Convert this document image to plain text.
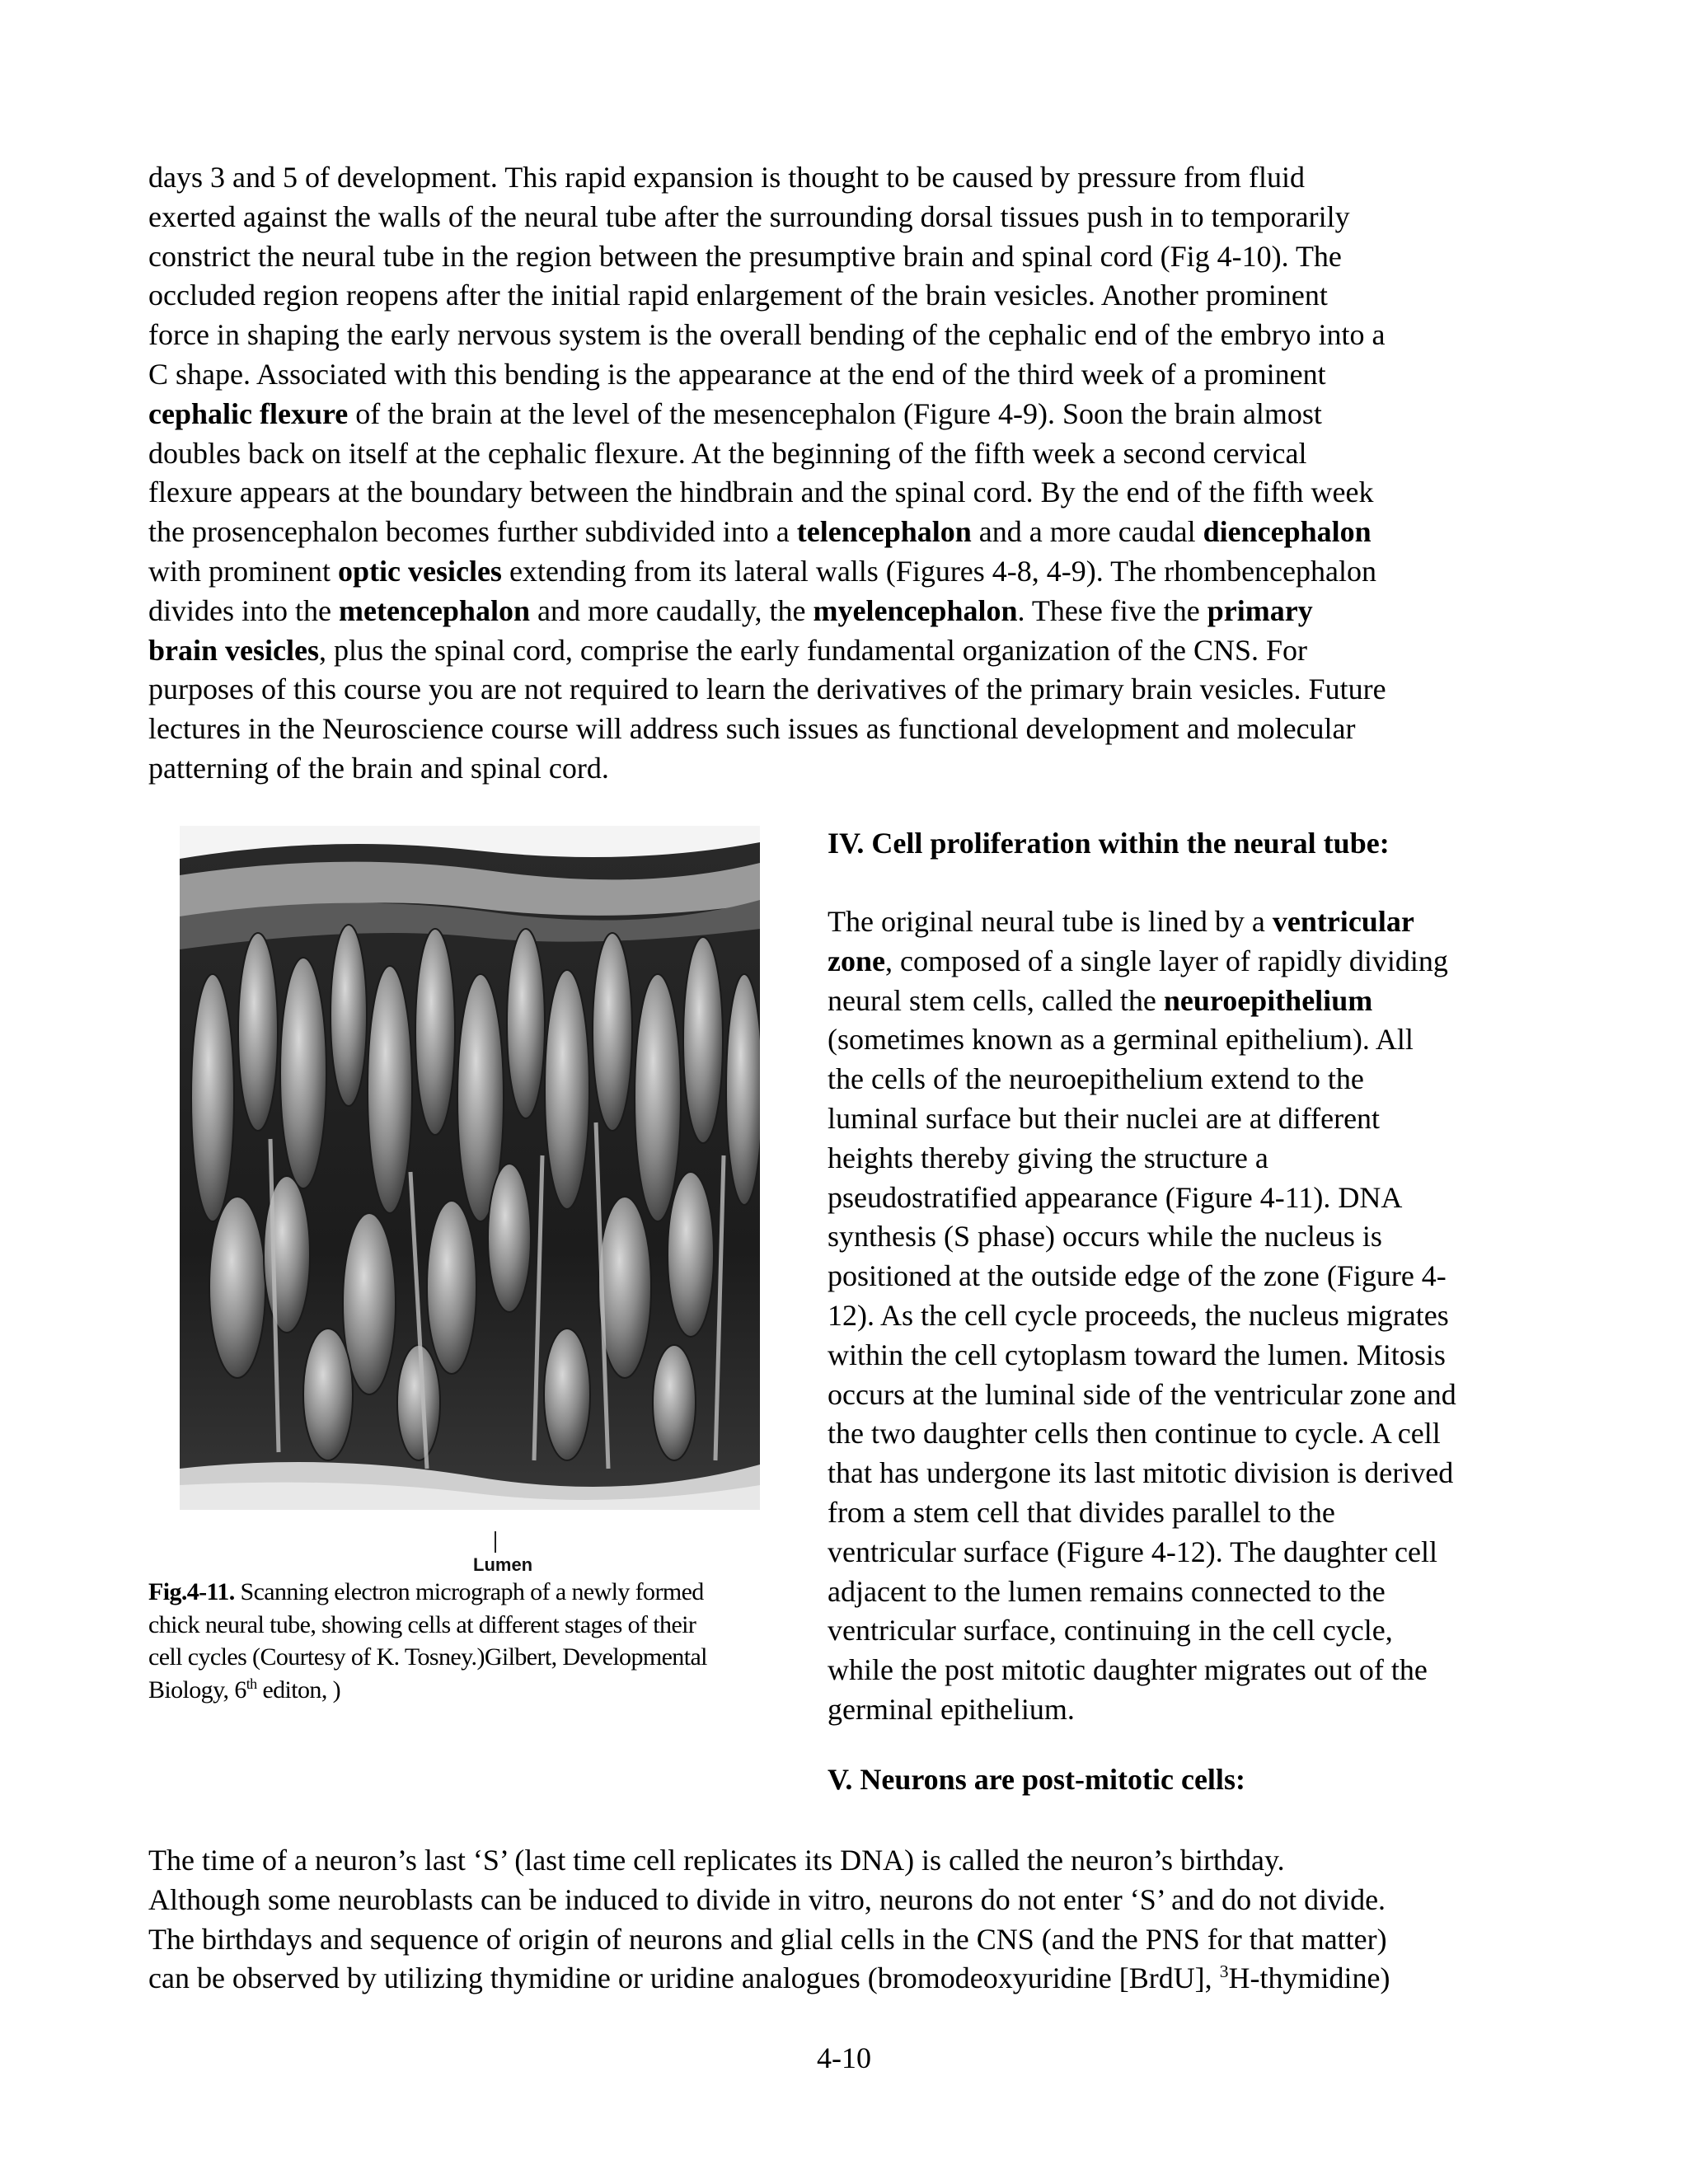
days 3 and 5 of development. This rapid expansion is thought to be caused by pressure from fluid
exerted against the walls of the neural tube after the surrounding dorsal tissues push in to temporarily
constrict the neural tube in the region between the presumptive brain and spinal cord (Fig 4-10). The
occluded region reopens after the initial rapid enlargement of the brain vesicles. Another prominent
force in shaping the early nervous system is the overall bending of the cephalic end of the embryo into a
C shape. Associated with this bending is the appearance at the end of the third week of a prominent
cephalic flexure of the brain at the level of the mesencephalon (Figure 4-9). Soon the brain almost
doubles back on itself at the cephalic flexure. At the beginning of the fifth week a second cervical
flexure appears at the boundary between the hindbrain and the spinal cord. By the end of the fifth week
the prosencephalon becomes further subdivided into a telencephalon and a more caudal diencephalon
with prominent optic vesicles extending from its lateral walls (Figures 4-8, 4-9). The rhombencephalon
divides into the metencephalon and more caudally, the myelencephalon. These five the primary
brain vesicles, plus the spinal cord, comprise the early fundamental organization of the CNS. For
purposes of this course you are not required to learn the derivatives of the primary brain vesicles. Future
lectures in the Neuroscience course will address such issues as functional development and molecular
patterning of the brain and spinal cord.

Lumen

Fig.4-11. Scanning electron micrograph of a newly formed
chick neural tube, showing cells at different stages of their
cell cycles (Courtesy of K. Tosney.)Gilbert, Developmental
Biology, 6th editon, )

IV. Cell proliferation within the neural tube:

The original neural tube is lined by a ventricular
zone, composed of a single layer of rapidly dividing
neural stem cells, called the neuroepithelium
(sometimes known as a germinal epithelium). All
the cells of the neuroepithelium extend to the
luminal surface but their nuclei are at different
heights thereby giving the structure a
pseudostratified appearance (Figure 4-11). DNA
synthesis (S phase) occurs while the nucleus is
positioned at the outside edge of the zone (Figure 4-
12). As the cell cycle proceeds, the nucleus migrates
within the cell cytoplasm toward the lumen. Mitosis
occurs at the luminal side of the ventricular zone and
the two daughter cells then continue to cycle. A cell
that has undergone its last mitotic division is derived
from a stem cell that divides parallel to the
ventricular surface (Figure 4-12). The daughter cell
adjacent to the lumen remains connected to the
ventricular surface, continuing in the cell cycle,
while the post mitotic daughter migrates out of the
germinal epithelium.

V. Neurons are post-mitotic cells:

The time of a neuron’s last ‘S’ (last time cell replicates its DNA) is called the neuron’s birthday.
Although some neuroblasts can be induced to divide in vitro, neurons do not enter ‘S’ and do not divide.
The birthdays and sequence of origin of neurons and glial cells in the CNS (and the PNS for that matter)
can be observed by utilizing thymidine or uridine analogues (bromodeoxyuridine [BrdU], $^3$H-thymidine)

4-10
